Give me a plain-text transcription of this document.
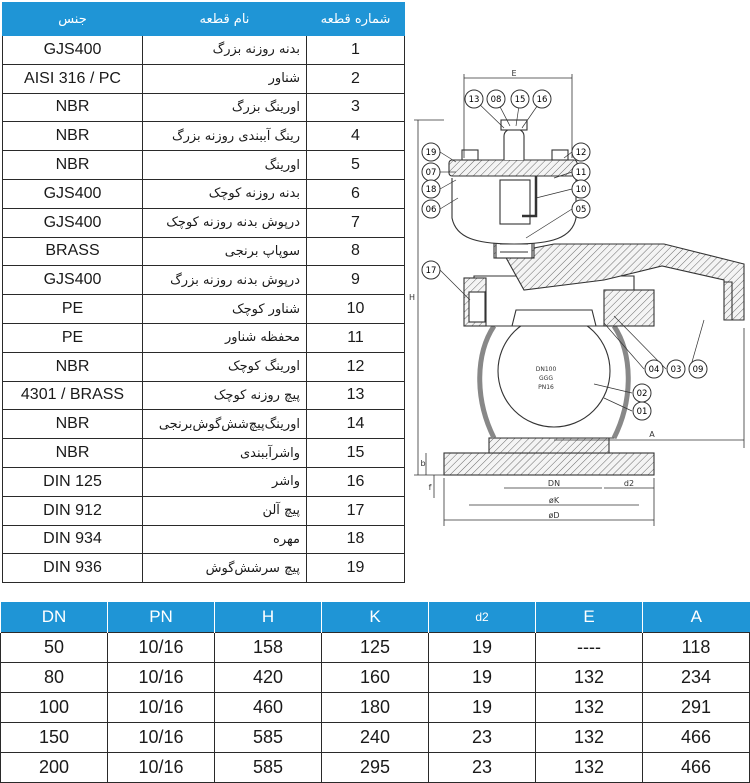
جنس	نام قطعه	شماره قطعه
GJS400	بدنه روزنه بزرگ	1
AISI 316 / PC	شناور	2
NBR	اورینگ بزرگ	3
NBR	رینگ آببندی روزنه بزرگ	4
NBR	اورینگ	5
GJS400	بدنه روزنه کوچک	6
GJS400	درپوش بدنه روزنه کوچک	7
BRASS	سوپاپ برنجی	8
GJS400	درپوش بدنه روزنه بزرگ	9
PE	شناور کوچک	10
PE	محفظه شناور	11
NBR	اورینگ کوچک	12
4301 / BRASS	پیچ روزنه کوچک	13
NBR	اورینگ‌پیچ‌شش‌گوش‌برنجی	14
NBR	واشرآببندی	15
DIN 125	واشر	16
DIN 912	پیچ آلن	17
DIN 934	مهره	18
DIN 936	پیچ سرشش‌گوش	19
13 08 15 16
19
07
18
06
12
11
10
05
17
04 03 09
02
01
DN100
GGG
PN16
E
H
A
DN	d2
øK
øD
b
f
DN	PN	H	K	d2	E	A
50	10/16	158	125	19	----	118
80	10/16	420	160	19	132	234
100	10/16	460	180	19	132	291
150	10/16	585	240	23	132	466
200	10/16	585	295	23	132	466
